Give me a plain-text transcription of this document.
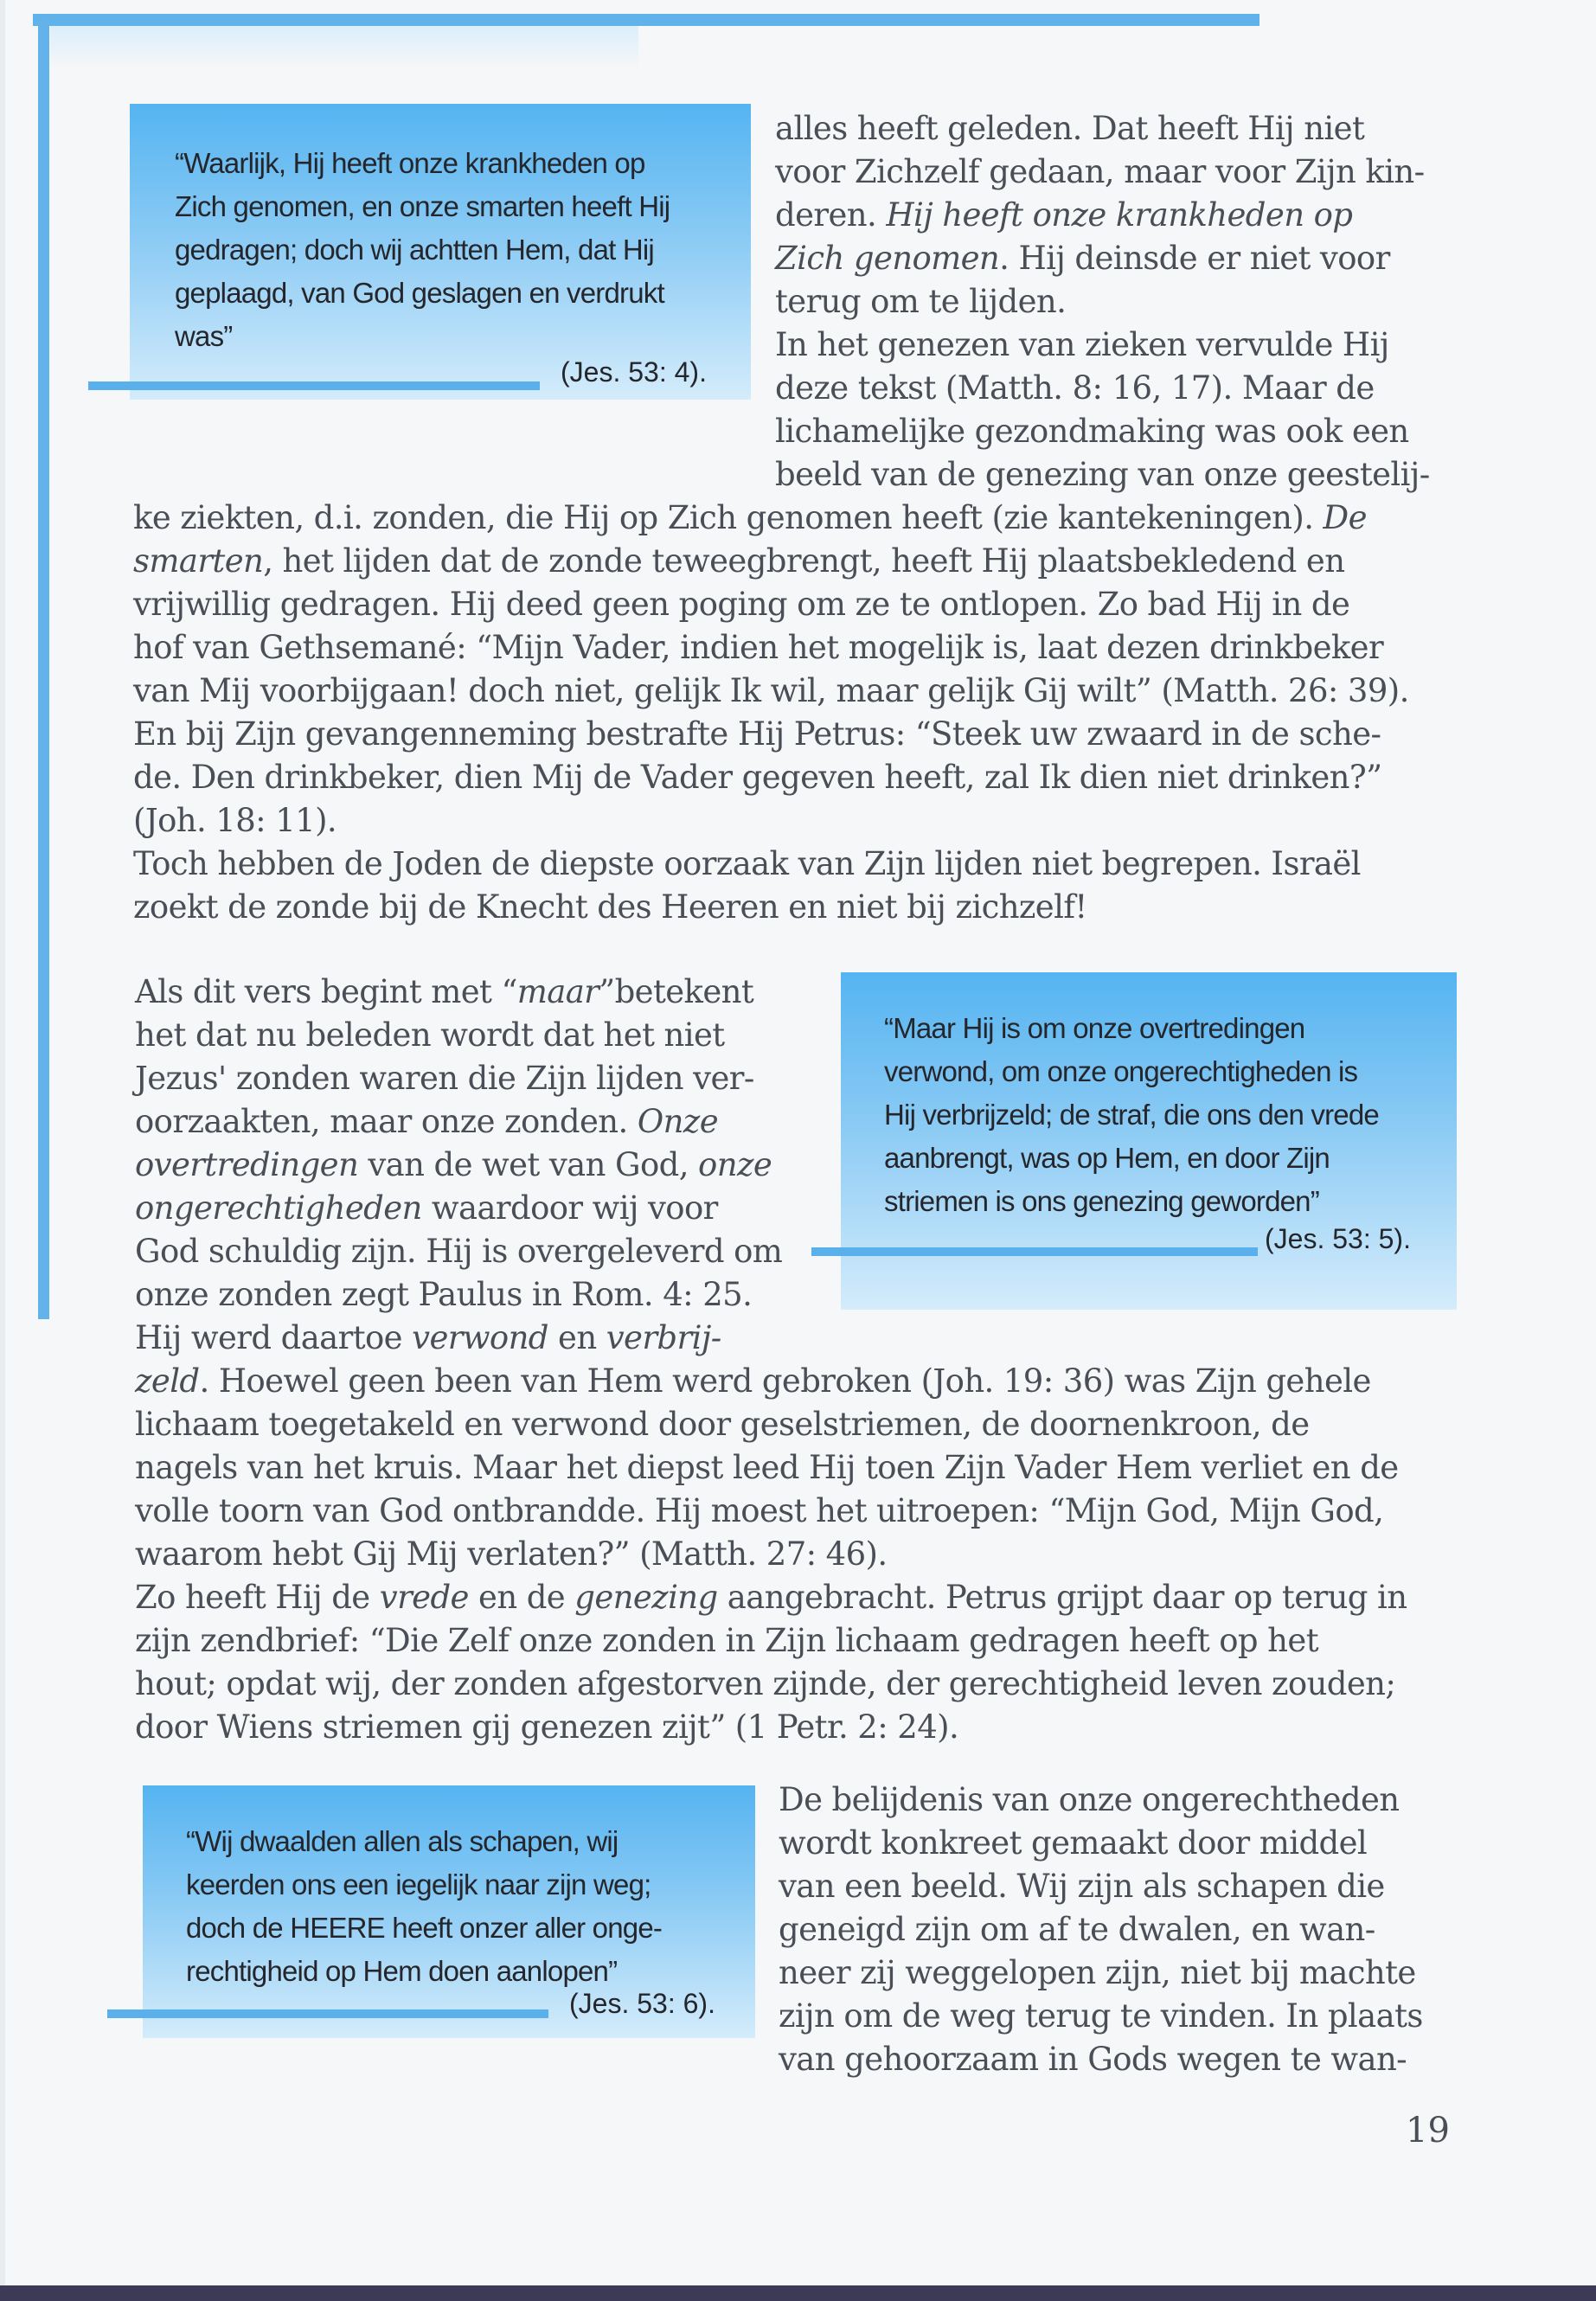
“Waarlijk, Hij heeft onze krankheden op
Zich genomen, en onze smarten heeft Hij
gedragen; doch wij achtten Hem, dat Hij
geplaagd, van God geslagen en verdrukt
was”
(Jes. 53: 4).
alles heeft geleden. Dat heeft Hij niet
voor Zichzelf gedaan, maar voor Zijn kin-
deren. Hij heeft onze krankheden op
Zich genomen. Hij deinsde er niet voor
terug om te lijden.
In het genezen van zieken vervulde Hij
deze tekst (Matth. 8: 16, 17). Maar de
lichamelijke gezondmaking was ook een
beeld van de genezing van onze geestelij-
ke ziekten, d.i. zonden, die Hij op Zich genomen heeft (zie kantekeningen). De
smarten, het lijden dat de zonde teweegbrengt, heeft Hij plaatsbekledend en
vrijwillig gedragen. Hij deed geen poging om ze te ontlopen. Zo bad Hij in de
hof van Gethsemané: “Mijn Vader, indien het mogelijk is, laat dezen drinkbeker
van Mij voorbijgaan! doch niet, gelijk Ik wil, maar gelijk Gij wilt” (Matth. 26: 39).
En bij Zijn gevangenneming bestrafte Hij Petrus: “Steek uw zwaard in de sche-
de. Den drinkbeker, dien Mij de Vader gegeven heeft, zal Ik dien niet drinken?”
(Joh. 18: 11).
Toch hebben de Joden de diepste oorzaak van Zijn lijden niet begrepen. Israël
zoekt de zonde bij de Knecht des Heeren en niet bij zichzelf!
“Maar Hij is om onze overtredingen
verwond, om onze ongerechtigheden is
Hij verbrijzeld; de straf, die ons den vrede
aanbrengt, was op Hem, en door Zijn
striemen is ons genezing geworden”
(Jes. 53: 5).
Als dit vers begint met “maar”betekent
het dat nu beleden wordt dat het niet
Jezus' zonden waren die Zijn lijden ver-
oorzaakten, maar onze zonden. Onze
overtredingen van de wet van God, onze
ongerechtigheden waardoor wij voor
God schuldig zijn. Hij is overgeleverd om
onze zonden zegt Paulus in Rom. 4: 25.
Hij werd daartoe verwond en verbrij-
zeld. Hoewel geen been van Hem werd gebroken (Joh. 19: 36) was Zijn gehele
lichaam toegetakeld en verwond door geselstriemen, de doornenkroon, de
nagels van het kruis. Maar het diepst leed Hij toen Zijn Vader Hem verliet en de
volle toorn van God ontbrandde. Hij moest het uitroepen: “Mijn God, Mijn God,
waarom hebt Gij Mij verlaten?” (Matth. 27: 46).
Zo heeft Hij de vrede en de genezing aangebracht. Petrus grijpt daar op terug in
zijn zendbrief: “Die Zelf onze zonden in Zijn lichaam gedragen heeft op het
hout; opdat wij, der zonden afgestorven zijnde, der gerechtigheid leven zouden;
door Wiens striemen gij genezen zijt” (1 Petr. 2: 24).
“Wij dwaalden allen als schapen, wij
keerden ons een iegelijk naar zijn weg;
doch de HEERE heeft onzer aller onge-
rechtigheid op Hem doen aanlopen”
(Jes. 53: 6).
De belijdenis van onze ongerechtheden
wordt konkreet gemaakt door middel
van een beeld. Wij zijn als schapen die
geneigd zijn om af te dwalen, en wan-
neer zij weggelopen zijn, niet bij machte
zijn om de weg terug te vinden. In plaats
van gehoorzaam in Gods wegen te wan-
19
